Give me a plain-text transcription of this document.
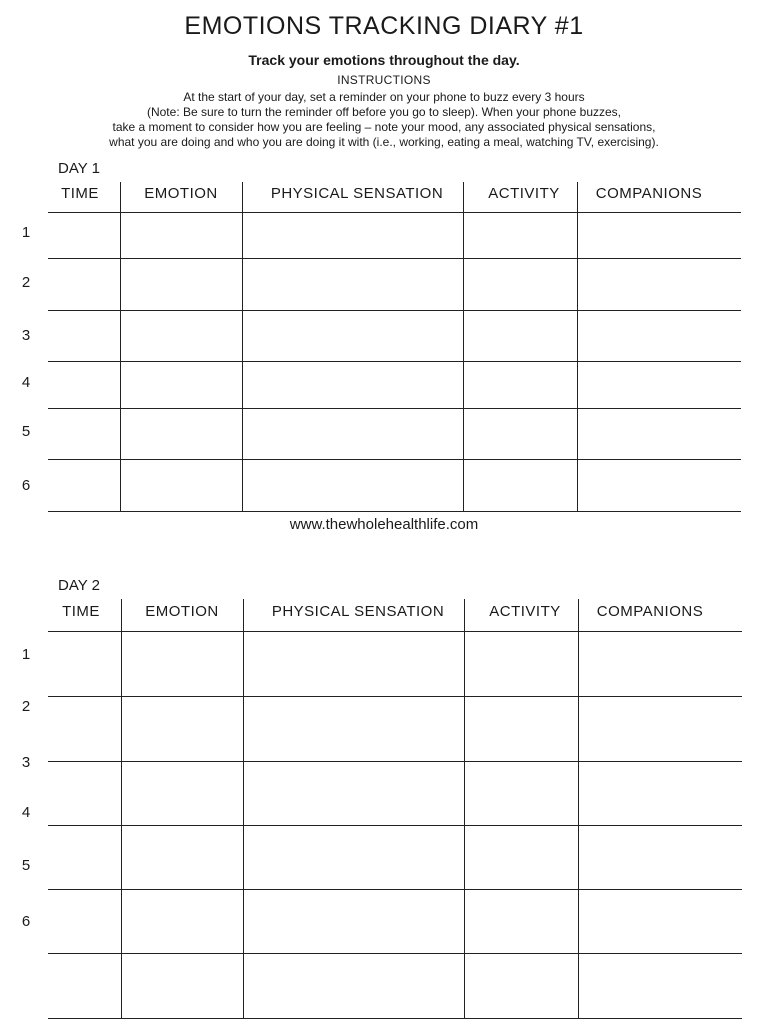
EMOTIONS TRACKING DIARY #1
Track your emotions throughout the day.
INSTRUCTIONS
At the start of your day, set a reminder on your phone to buzz every 3 hours
(Note: Be sure to turn the reminder off before you go to sleep). When your phone buzzes,
take a moment to consider how you are feeling – note your mood, any associated physical sensations,
what you are doing and who you are doing it with (i.e., working, eating a meal, watching TV, exercising).
DAY 1
TIME	EMOTION	PHYSICAL SENSATION	ACTIVITY	COMPANIONS
1
2
3
4
5
6
www.thewholehealthlife.com
DAY 2
TIME	EMOTION	PHYSICAL SENSATION	ACTIVITY	COMPANIONS
1
2
3
4
5
6
